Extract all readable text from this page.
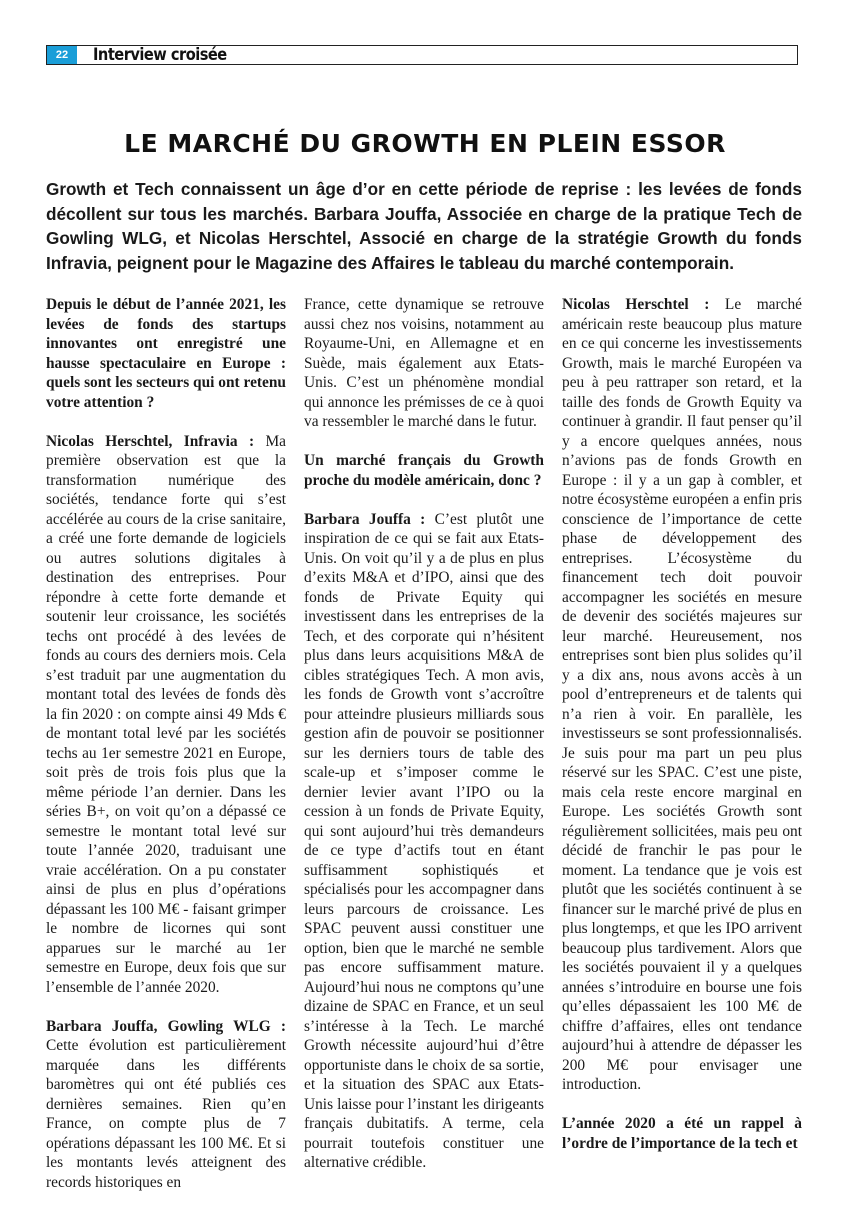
22	Interview croisée
LE MARCHÉ DU GROWTH EN PLEIN ESSOR
Growth et Tech connaissent un âge d’or en cette période de reprise : les levées de fonds décollent sur tous les marchés. Barbara Jouffa, Associée en charge de la pratique Tech de Gowling WLG, et Nicolas Herschtel, Associé en charge de la stratégie Growth du fonds Infravia, peignent pour le Magazine des Affaires le tableau du marché contemporain.

Depuis le début de l’année 2021, les levées de fonds des startups innovantes ont enregistré une hausse spectaculaire en Europe : quels sont les secteurs qui ont retenu votre attention ?

Nicolas Herschtel, Infravia : Ma première observation est que la transformation numérique des sociétés, tendance forte qui s’est accélérée au cours de la crise sanitaire, a créé une forte demande de logiciels ou autres solutions digitales à destination des entreprises. Pour répondre à cette forte demande et soutenir leur croissance, les sociétés techs ont procédé à des levées de fonds au cours des derniers mois. Cela s’est traduit par une augmentation du montant total des levées de fonds dès la fin 2020 : on compte ainsi 49 Mds € de montant total levé par les sociétés techs au 1er semestre 2021 en Europe, soit près de trois fois plus que la même période l’an dernier. Dans les séries B+, on voit qu’on a dépassé ce semestre le montant total levé sur toute l’année 2020, traduisant une vraie accélération. On a pu constater ainsi de plus en plus d’opérations dépassant les 100 M€ - faisant grimper le nombre de licornes qui sont apparues sur le marché au 1er semestre en Europe, deux fois que sur l’ensemble de l’année 2020.

Barbara Jouffa, Gowling WLG : Cette évolution est particulièrement marquée dans les différents baromètres qui ont été publiés ces dernières semaines. Rien qu’en France, on compte plus de 7 opérations dépassant les 100 M€. Et si les montants levés atteignent des records historiques en

France, cette dynamique se retrouve aussi chez nos voisins, notamment au Royaume-Uni, en Allemagne et en Suède, mais également aux Etats-Unis. C’est un phénomène mondial qui annonce les prémisses de ce à quoi va ressembler le marché dans le futur.

Un marché français du Growth proche du modèle américain, donc ?

Barbara Jouffa : C’est plutôt une inspiration de ce qui se fait aux Etats-Unis. On voit qu’il y a de plus en plus d’exits M&A et d’IPO, ainsi que des fonds de Private Equity qui investissent dans les entreprises de la Tech, et des corporate qui n’hésitent plus dans leurs acquisitions M&A de cibles stratégiques Tech. A mon avis, les fonds de Growth vont s’accroître pour atteindre plusieurs milliards sous gestion afin de pouvoir se positionner sur les derniers tours de table des scale-up et s’imposer comme le dernier levier avant l’IPO ou la cession à un fonds de Private Equity, qui sont aujourd’hui très demandeurs de ce type d’actifs tout en étant suffisamment sophistiqués et spécialisés pour les accompagner dans leurs parcours de croissance. Les SPAC peuvent aussi constituer une option, bien que le marché ne semble pas encore suffisamment mature. Aujourd’hui nous ne comptons qu’une dizaine de SPAC en France, et un seul s’intéresse à la Tech. Le marché Growth nécessite aujourd’hui d’être opportuniste dans le choix de sa sortie, et la situation des SPAC aux Etats-Unis laisse pour l’instant les dirigeants français dubitatifs. A terme, cela pourrait toutefois constituer une alternative crédible.

Nicolas Herschtel : Le marché américain reste beaucoup plus mature en ce qui concerne les investissements Growth, mais le marché Européen va peu à peu rattraper son retard, et la taille des fonds de Growth Equity va continuer à grandir. Il faut penser qu’il y a encore quelques années, nous n’avions pas de fonds Growth en Europe : il y a un gap à combler, et notre écosystème européen a enfin pris conscience de l’importance de cette phase de développement des entreprises. L’écosystème du financement tech doit pouvoir accompagner les sociétés en mesure de devenir des sociétés majeures sur leur marché. Heureusement, nos entreprises sont bien plus solides qu’il y a dix ans, nous avons accès à un pool d’entrepreneurs et de talents qui n’a rien à voir. En parallèle, les investisseurs se sont professionnalisés. Je suis pour ma part un peu plus réservé sur les SPAC. C’est une piste, mais cela reste encore marginal en Europe. Les sociétés Growth sont régulièrement sollicitées, mais peu ont décidé de franchir le pas pour le moment. La tendance que je vois est plutôt que les sociétés continuent à se financer sur le marché privé de plus en plus longtemps, et que les IPO arrivent beaucoup plus tardivement. Alors que les sociétés pouvaient il y a quelques années s’introduire en bourse une fois qu’elles dépassaient les 100 M€ de chiffre d’affaires, elles ont tendance aujourd’hui à attendre de dépasser les 200 M€ pour envisager une introduction.

L’année 2020 a été un rappel à l’ordre de l’importance de la tech et
